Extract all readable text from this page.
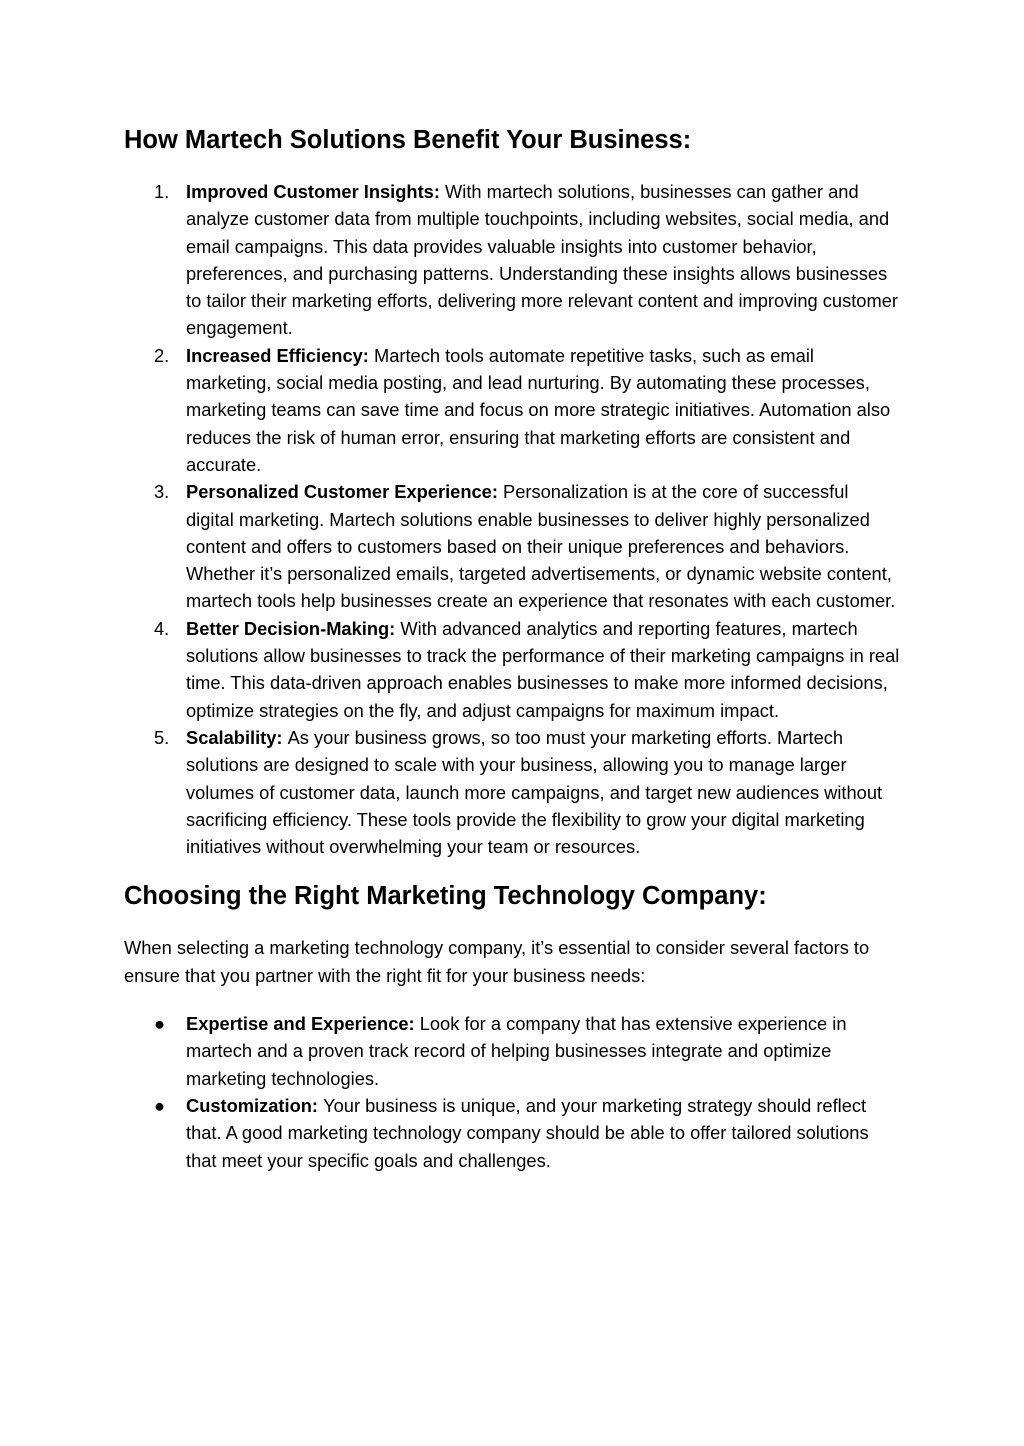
How Martech Solutions Benefit Your Business:
1. Improved Customer Insights: With martech solutions, businesses can gather and analyze customer data from multiple touchpoints, including websites, social media, and email campaigns. This data provides valuable insights into customer behavior, preferences, and purchasing patterns. Understanding these insights allows businesses to tailor their marketing efforts, delivering more relevant content and improving customer engagement.
2. Increased Efficiency: Martech tools automate repetitive tasks, such as email marketing, social media posting, and lead nurturing. By automating these processes, marketing teams can save time and focus on more strategic initiatives. Automation also reduces the risk of human error, ensuring that marketing efforts are consistent and accurate.
3. Personalized Customer Experience: Personalization is at the core of successful digital marketing. Martech solutions enable businesses to deliver highly personalized content and offers to customers based on their unique preferences and behaviors. Whether it’s personalized emails, targeted advertisements, or dynamic website content, martech tools help businesses create an experience that resonates with each customer.
4. Better Decision-Making: With advanced analytics and reporting features, martech solutions allow businesses to track the performance of their marketing campaigns in real time. This data-driven approach enables businesses to make more informed decisions, optimize strategies on the fly, and adjust campaigns for maximum impact.
5. Scalability: As your business grows, so too must your marketing efforts. Martech solutions are designed to scale with your business, allowing you to manage larger volumes of customer data, launch more campaigns, and target new audiences without sacrificing efficiency. These tools provide the flexibility to grow your digital marketing initiatives without overwhelming your team or resources.
Choosing the Right Marketing Technology Company:

When selecting a marketing technology company, it’s essential to consider several factors to ensure that you partner with the right fit for your business needs:

● Expertise and Experience: Look for a company that has extensive experience in martech and a proven track record of helping businesses integrate and optimize marketing technologies.
● Customization: Your business is unique, and your marketing strategy should reflect that. A good marketing technology company should be able to offer tailored solutions that meet your specific goals and challenges.
